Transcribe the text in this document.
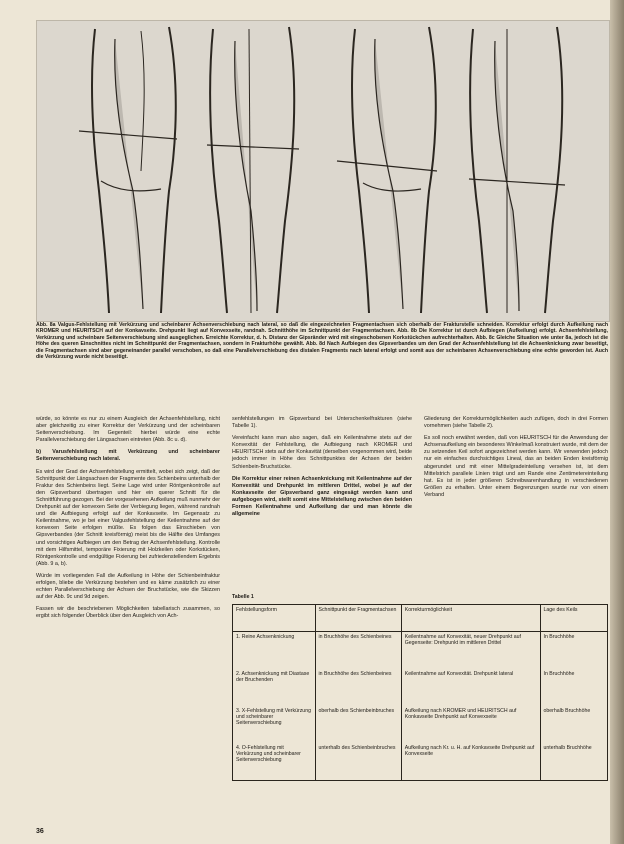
Abb. 8a Valgus-Fehlstellung mit Verkürzung und scheinbarer Achsenverschiebung nach lateral, so daß die eingezeichneten Fragmentachsen sich oberhalb der Frakturstelle schneiden. Korrektur erfolgt durch Aufkeilung nach KROMER und HEURITSCH auf der Konkavseite. Drehpunkt liegt auf Konvexseite, randnah. Schnitthöhe im Schnittpunkt der Fragmentachsen. Abb. 8b Die Korrektur ist durch Aufbiegen (Aufkeilung) erfolgt. Achsenfehlstellung, Verkürzung und scheinbare Seitenverschiebung sind ausgeglichen. Erreichte Korrektur, d. h. Distanz der Gipsränder wird mit eingeschobenen Korkstückchen aufrechterhalten. Abb. 8c Gleiche Situation wie unter 8a, jedoch ist die Höhe des queren Einschnittes nicht im Schnittpunkt der Fragmentachsen, sondern in Frakturhöhe gewählt. Abb. 8d Nach Aufbiegen des Gipsverbandes um den Grad der Achsenfehlstellung ist die Achsenknickung zwar beseitigt, die Fragmentachsen sind aber gegeneinander parallel verschoben, so daß eine Parallelverschiebung des distalen Fragments nach lateral erfolgt und somit aus der scheinbaren Achsenverschiebung eine echte geworden ist. Auch die Verkürzung wurde nicht beseitigt.

würde, so könnte es nur zu einem Ausgleich der Achsenfehlstellung, nicht aber gleichzeitig zu einer Korrektur der Verkürzung und der scheinbaren Seitenverschiebung. Im Gegenteil: hierbei würde eine echte Parallelverschiebung der Längsachsen eintreten (Abb. 8c u. d).

b) Varusfehlstellung mit Verkürzung und scheinbarer Seitenverschiebung nach lateral.

Es wird der Grad der Achsenfehlstellung ermittelt, wobei sich zeigt, daß der Schnittpunkt der Längsachsen der Fragmente des Schienbeins unterhalb der Fraktur des Schienbeins liegt. Seine Lage wird unter Röntgenkontrolle auf den Gipsverband übertragen und hier ein querer Schnitt für die Schnittführung gezogen. Bei der vorgesehenen Aufkeilung muß nunmehr der Drehpunkt auf der konvexen Seite der Verbiegung liegen, während randnah und die Aufbiegung erfolgt auf der Konkavseite. Im Gegensatz zu Keilentnahme, wo je bei einer Valgusfehlstellung der Keilentnahme auf der konvexen Seite erfolgen müßte. Es folgen das Einschieben von Gipsverbandes (der Schnitt kreisförmig) meist bis die Hälfte des Umfanges und vorsichtiges Aufbiegen um den Betrag der Achsenfehlstellung. Kontrolle mit dem Hilfsmittel, temporäre Fixierung mit Holzkeilen oder Korkstücken, Röntgenkontrolle und endgültige Fixierung bei zufriedenstellendem Ergebnis (Abb. 9 a, b).

Würde im vorliegenden Fall die Aufkeilung in Höhe der Schienbeinfraktur erfolgen, bliebe die Verkürzung bestehen und es käme zusätzlich zu einer echten Parallelverschiebung der Achsen der Bruchstücke, wie die Skizzen auf der Abb. 9c und 9d zeigen.

Fassen wir die beschriebenen Möglichkeiten tabellarisch zusammen, so ergibt sich folgender Überblick über den Ausgleich von Ach-

senfehlstellungen im Gipsverband bei Unterschenkelfrakturen (siehe Tabelle 1).

Vereinfacht kann man also sagen, daß ein Keilentnahme stets auf der Konvexität der Fehlstellung, die Aufbiegung nach KROMER und HEURITSCH stets auf der Konkavität (derselben vorgenommen wird, beide jedoch immer in Höhe des Schnittpunktes der Achsen der beiden Schienbein-Bruchstücke.

Die Korrektur einer reinen Achsenknickung mit Keilentnahme auf der Konvexität und Drehpunkt im mittleren Drittel, wobei je auf der Konkavseite der Gipsverband ganz eingesägt werden kann und aufgebogen wird, stellt somit eine Mittelstellung zwischen den beiden Formen Keilentnahme und Aufkeilung dar und man könnte die allgemeine

Gliederung der Korrekturmöglichkeiten auch zufügen, doch in drei Formen vornehmen (siehe Tabelle 2).

Es soll noch erwähnt werden, daß von HEURITSCH für die Anwendung der Achsenaufkeilung ein besonderes Winkelmaß konstruiert wurde, mit dem der zu setzenden Keil sofort angezeichnet werden kann. Wir verwenden jedoch nur ein einfaches durchsichtiges Lineal, das an beiden Enden kreisförmig abgerundet und mit einer Mittelgradeinteilung versehen ist, ist dem Mittelstrich parallele Linien trägt und am Rande eine Zentimetereinteilung hat. Es ist in jeder größeren Schreibwarenhandlung in verschiedenen Größen zu erhalten. Unter einem Begrenzungen wurde nur von einem Verband

Tabelle 1
Fehlstellungsform	Schnittpunkt der Fragmentachsen	Korrekturmöglichkeit	Lage des Keils
1. Reine Achsenknickung	in Bruchhöhe des Schienbeines	Keilentnahme auf Konvexität, neuer Drehpunkt auf Gegenseite: Drehpunkt im mittleren Drittel	In Bruchhöhe
2. Achsenknickung mit Diastase der Bruchenden	in Bruchhöhe des Schienbeines	Keilentnahme auf Konvexität. Drehpunkt lateral	In Bruchhöhe
3. X-Fehlstellung mit Verkürzung und scheinbarer Seitenverschiebung	oberhalb des Schienbeinbruches	Aufkeilung nach KROMER und HEURITSCH auf Konkavseite Drehpunkt auf Konvexseite	oberhalb Bruchhöhe
4. O-Fehlstellung mit Verkürzung und scheinbarer Seitenverschiebung	unterhalb des Schienbeinbruches	Aufkeilung nach Kr. u. H. auf Konkavseite Drehpunkt auf Konvexseite	unterhalb Bruchhöhe
36
